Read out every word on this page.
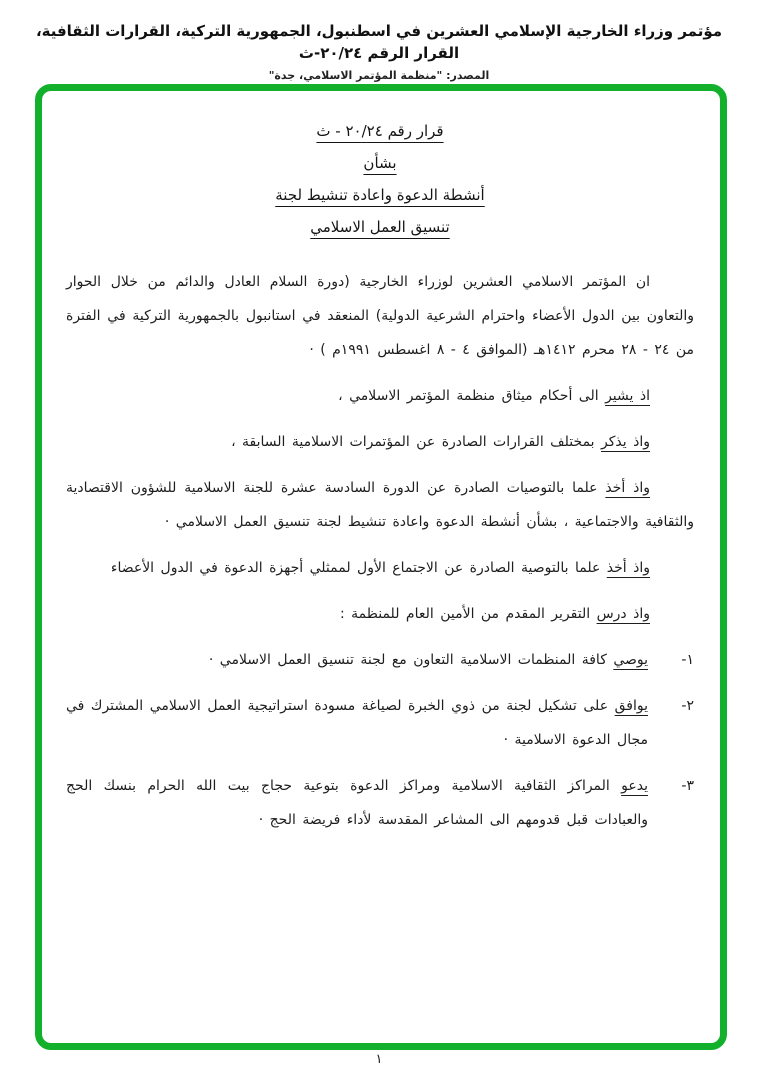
مؤتمر وزراء الخارجية الإسلامي العشرين في اسطنبول، الجمهورية التركية، القرارات الثقافية، القرار الرقم ٢٤‏/‏٢٠-ث
المصدر: "منظمة المؤتمر الاسلامي، جدة"
قرار رقم ٢٤‏/‏٢٠ - ث
بشأن
أنشطة الدعوة واعادة تنشيط لجنة
تنسيق العمل الاسلامي

ان المؤتمر الاسلامي العشرين لوزراء الخارجية (دورة السلام العادل والدائم من خلال الحوار والتعاون بين الدول الأعضاء واحترام الشرعية الدولية) المنعقد في استانبول بالجمهورية التركية في الفترة من ٢٤ - ٢٨ محرم ١٤١٢هـ (الموافق ٤ - ٨ اغسطس ١٩٩١م ) ·

اذ يشير الى أحكام ميثاق منظمة المؤتمر الاسلامي ،

واذ يذكر بمختلف القرارات الصادرة عن المؤتمرات الاسلامية السابقة ،

واذ أخذ علما بالتوصيات الصادرة عن الدورة السادسة عشرة للجنة الاسلامية للشؤون الاقتصادية والثقافية والاجتماعية ، بشأن أنشطة الدعوة واعادة تنشيط لجنة تنسيق العمل الاسلامي ·

واذ أخذ علما بالتوصية الصادرة عن الاجتماع الأول لممثلي أجهزة الدعوة في الدول الأعضاء

واذ درس التقرير المقدم من الأمين العام للمنظمة :

١-
يوصي كافة المنظمات الاسلامية التعاون مع لجنة تنسيق العمل الاسلامي ·
٢-
يوافق على تشكيل لجنة من ذوي الخبرة لصياغة مسودة استراتيجية العمل الاسلامي المشترك في مجال الدعوة الاسلامية ·
٣-
يدعو المراكز الثقافية الاسلامية ومراكز الدعوة بتوعية حجاج بيت الله الحرام بنسك الحج والعبادات قبل قدومهم الى المشاعر المقدسة لأداء فريضة الحج ·
١
